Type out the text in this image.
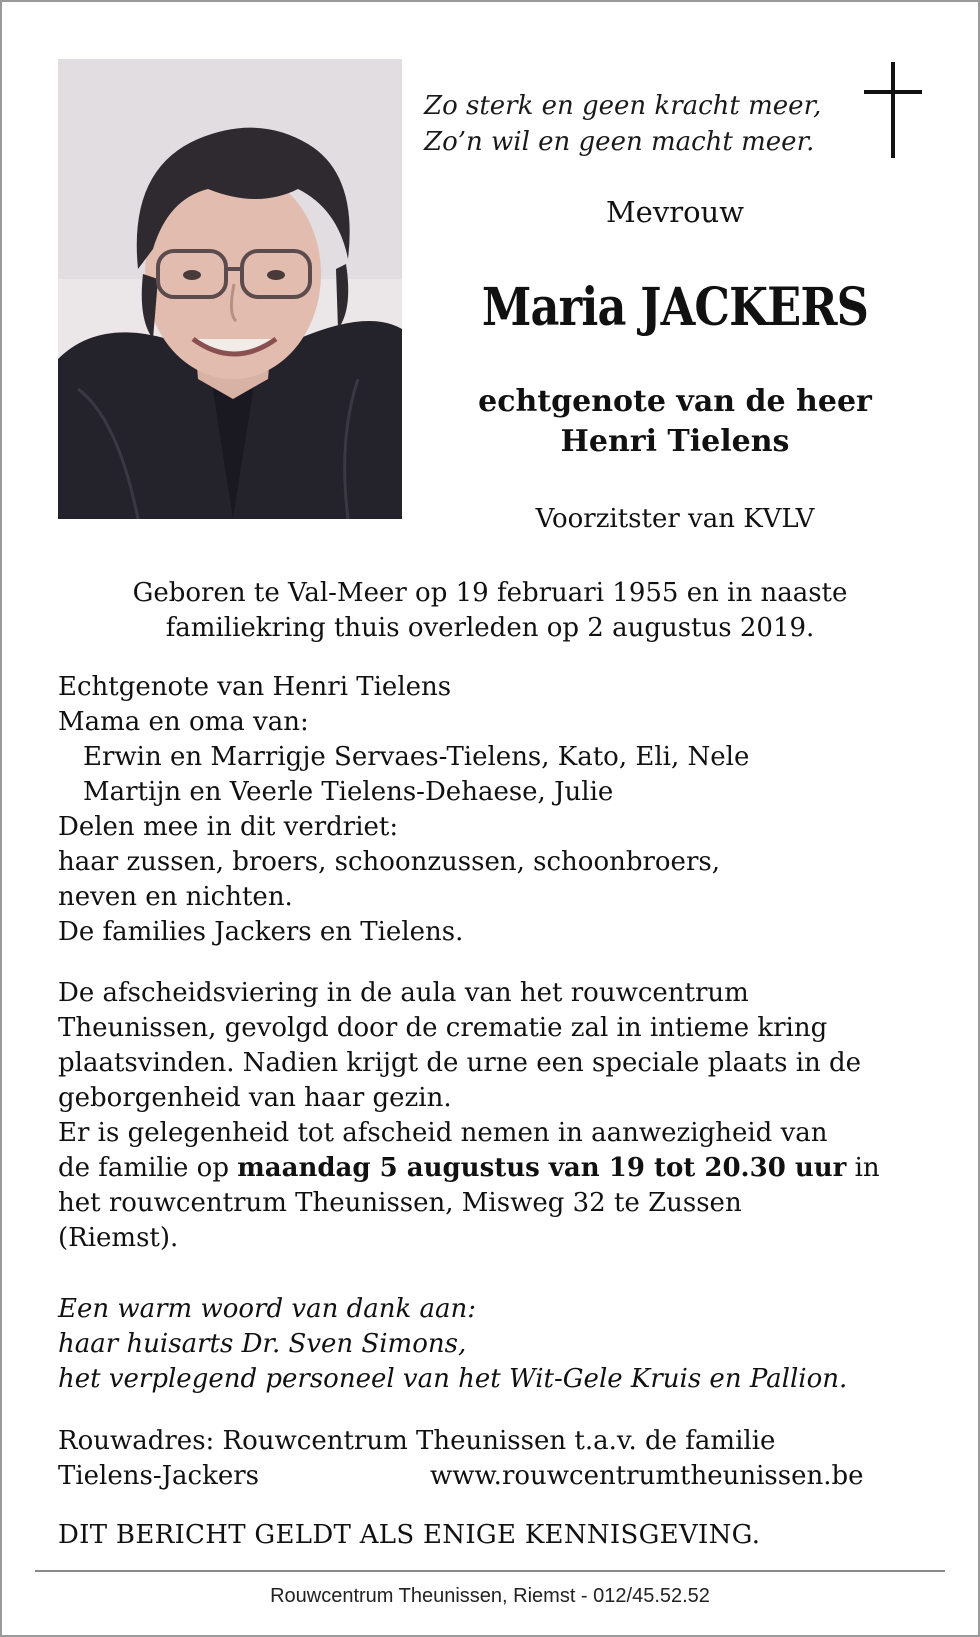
Zo sterk en geen kracht meer,
Zo’n wil en geen macht meer.
Mevrouw
Maria JACKERS
echtgenote van de heer
Henri Tielens
Voorzitster van KVLV
Geboren te Val-Meer op 19 februari 1955 en in naaste
familiekring thuis overleden op 2 augustus 2019.
Echtgenote van Henri Tielens
Mama en oma van:
Erwin en Marrigje Servaes-Tielens, Kato, Eli, Nele
Martijn en Veerle Tielens-Dehaese, Julie
Delen mee in dit verdriet:
haar zussen, broers, schoonzussen, schoonbroers,
neven en nichten.
De families Jackers en Tielens.
De afscheidsviering in de aula van het rouwcentrum
Theunissen, gevolgd door de crematie zal in intieme kring
plaatsvinden. Nadien krijgt de urne een speciale plaats in de
geborgenheid van haar gezin.
Er is gelegenheid tot afscheid nemen in aanwezigheid van
de familie op maandag 5 augustus van 19 tot 20.30 uur in
het rouwcentrum Theunissen, Misweg 32 te Zussen
(Riemst).
Een warm woord van dank aan:
haar huisarts Dr. Sven Simons,
het verplegend personeel van het Wit-Gele Kruis en Pallion.
Rouwadres: Rouwcentrum Theunissen t.a.v. de familie
Tielens-Jackers	www.rouwcentrumtheunissen.be
DIT BERICHT GELDT ALS ENIGE KENNISGEVING.
Rouwcentrum Theunissen, Riemst - 012/45.52.52
